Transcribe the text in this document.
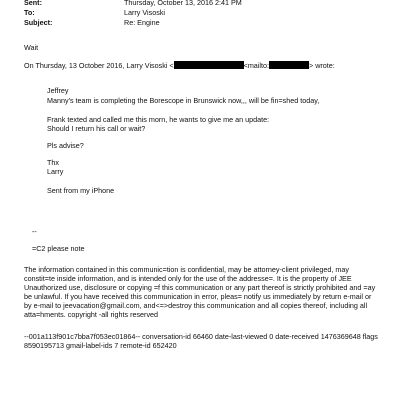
Sent:	Thursday, October 13, 2016 2:41 PM
To:	Larry Visoski
Subject:	Re: Engine
Wait
On Thursday, 13 October 2016, Larry Visoski <	<mailto:	> wrote:
Jeffrey
Manny's team is completing the Borescope in Brunswick now,,, will be fin=shed today,
Frank texted and called me this morn, he wants to give me an update:
Should I return his call or wait?
Pls advise?
Thx
Larry
Sent from my iPhone
--
=C2 please note
The information contained in this communic=tion is confidential, may be attorney-client privileged, may constit=te inside information, and is intended only for the use of the addresse=. It is the property of JEE Unauthorized use, disclosure or copying =f this communication or any part thereof is strictly prohibited and =ay be unlawful. If you have received this communication in error, pleas= notify us immediately by return e-mail or by e-mail to jeevacation@gmail.com, and<=>destroy this communication and all copies thereof, including all atta=hments. copyright -all rights reserved
--001a113f901c7bba7f053ec01864-- conversation-id 66460 date-last-viewed 0 date-received 1476369648 flags 8590195713 gmail-label-ids 7 remote-id 652420
